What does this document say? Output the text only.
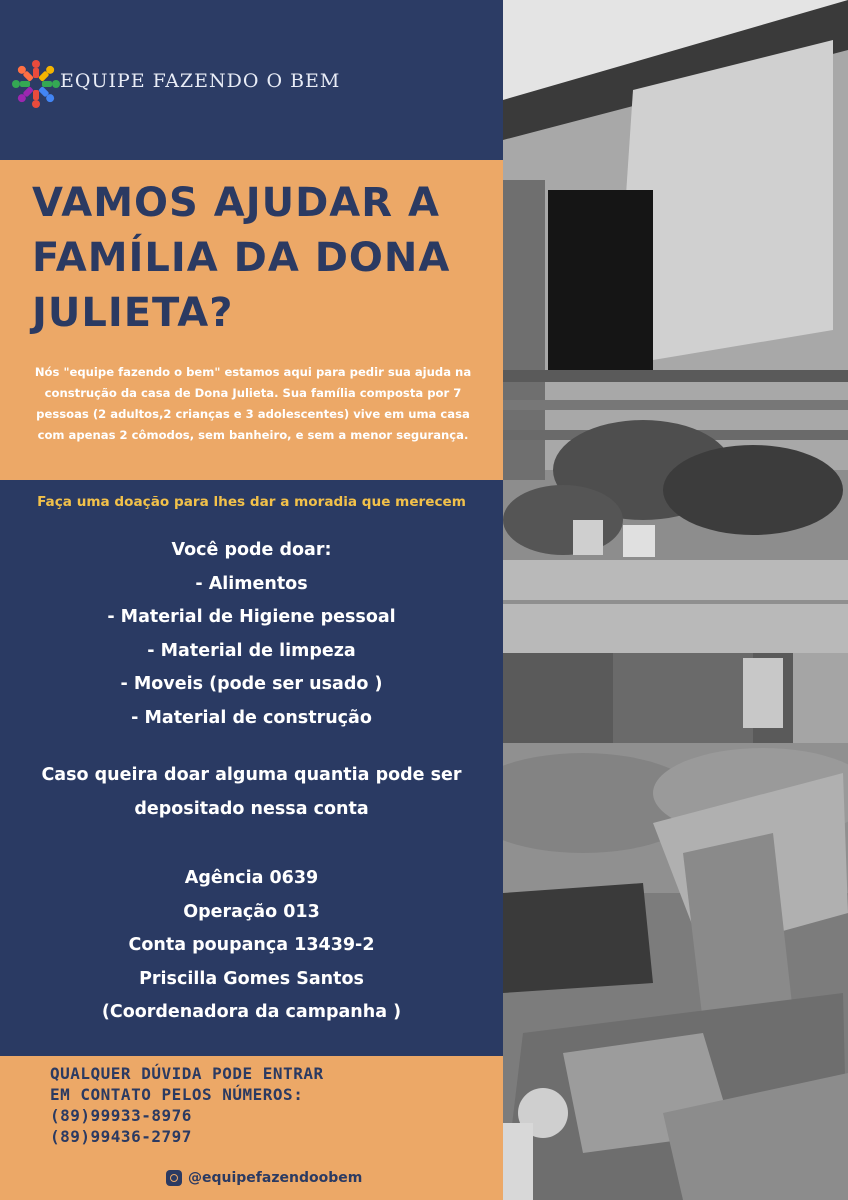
EQUIPE FAZENDO O BEM
VAMOS AJUDAR A
FAMÍLIA DA DONA
JULIETA?
Nós "equipe fazendo o bem" estamos aqui para pedir sua ajuda na
construção da casa de Dona Julieta. Sua família composta por 7
pessoas (2 adultos,2 crianças e 3 adolescentes) vive em uma casa
com apenas 2 cômodos, sem banheiro, e sem a menor segurança.
Faça uma doação para lhes dar a moradia que merecem
Você pode doar:
- Alimentos
- Material de Higiene pessoal
- Material de limpeza
- Moveis (pode ser usado )
- Material de construção
Caso queira doar alguma quantia pode ser
depositado nessa conta
Agência 0639
Operação 013
Conta poupança 13439-2
Priscilla Gomes Santos
(Coordenadora da campanha )
QUALQUER DÚVIDA PODE ENTRAR
EM CONTATO PELOS NÚMEROS:
(89)99933-8976
(89)99436-2797
@equipefazendoobem
